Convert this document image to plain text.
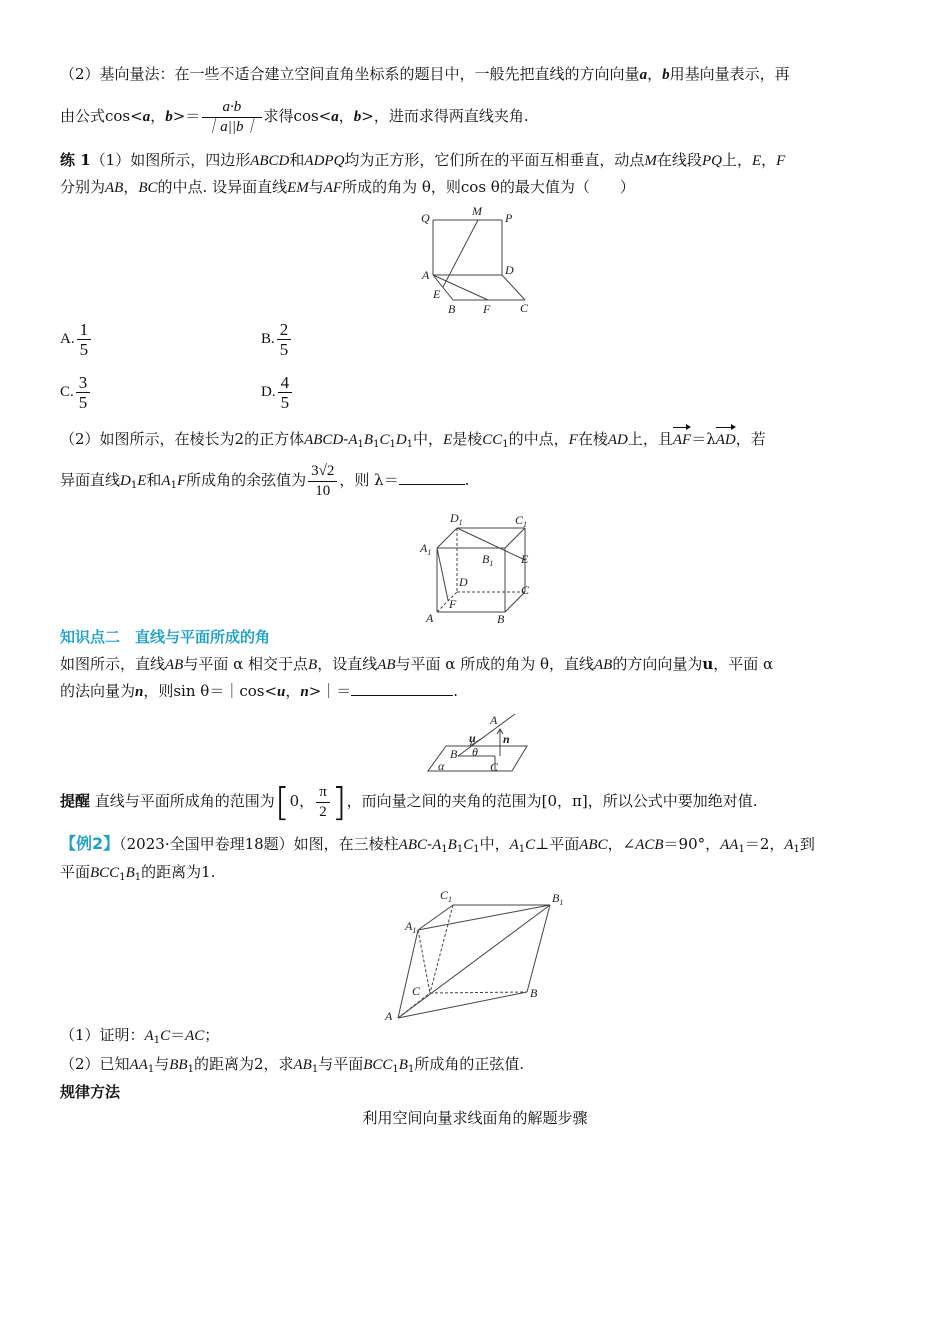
（2）基向量法：在一些不适合建立空间直角坐标系的题目中，一般先把直线的方向向量a，b用基向量表示，再
由公式cos<a，$b>= \frac{a\cdot b}{|a||b|}$ 求得cos<a，b>，进而求得两直线夹角.
练 1（1）如图所示，四边形ABCD和ADPQ均为正方形，它们所在的平面互相垂直，动点M在线段PQ上，E，F
分别为AB，BC的中点. 设异面直线EM与AF所成的角为 θ，则cos θ的最大值为（　　）
Q	M P
A	D
E
B F C
A. $\frac{1}{5}$	B. $\frac{2}{5}$
C. $\frac{3}{5}$	D. $\frac{4}{5}$
（2）如图所示，在棱长为2的正方体ABCD-$A_1B_1C_1D_1$中，E是棱$CC_1$的中点，F在棱AD上，且AF＝λAD，若
异面直线$D_1E$和$A_1F$所成角的余弦值为 $\frac{3√2}{10}$ ，则 λ＝	.
$D_1$	$C_1$
$A_1$	$B_1$ E
D
C
F
A	B
知识点二　直线与平面所成的角
如图所示，直线AB与平面 α 相交于点B，设直线AB与平面 α 所成的角为 θ，直线AB的方向向量为u，平面 α
的法向量为n，则sin θ＝｜cos<u，n>｜＝	.
A
u n
B θ
α	C
提醒 直线与平面所成角的范围为[0， $\frac{\pi}{2}$ ]，而向量之间的夹角的范围为[0，π]，所以公式中要加绝对值.
【例2】（2023·全国甲卷理18题）如图，在三棱柱ABC-$A_1B_1C_1$中，$A_1C\perp$平面ABC，∠ACB＝90°，$AA_1=2$，$A_1$到
平面$BCC_1B_1$的距离为1.
$C_1$	$B_1$
$A_1$
C	B
A
（1）证明：$A_1C=AC$；
（2）已知$AA_1$与$BB_1$的距离为2，求$AB_1$与平面$BCC_1B_1$所成角的正弦值.
规律方法
利用空间向量求线面角的解题步骤
